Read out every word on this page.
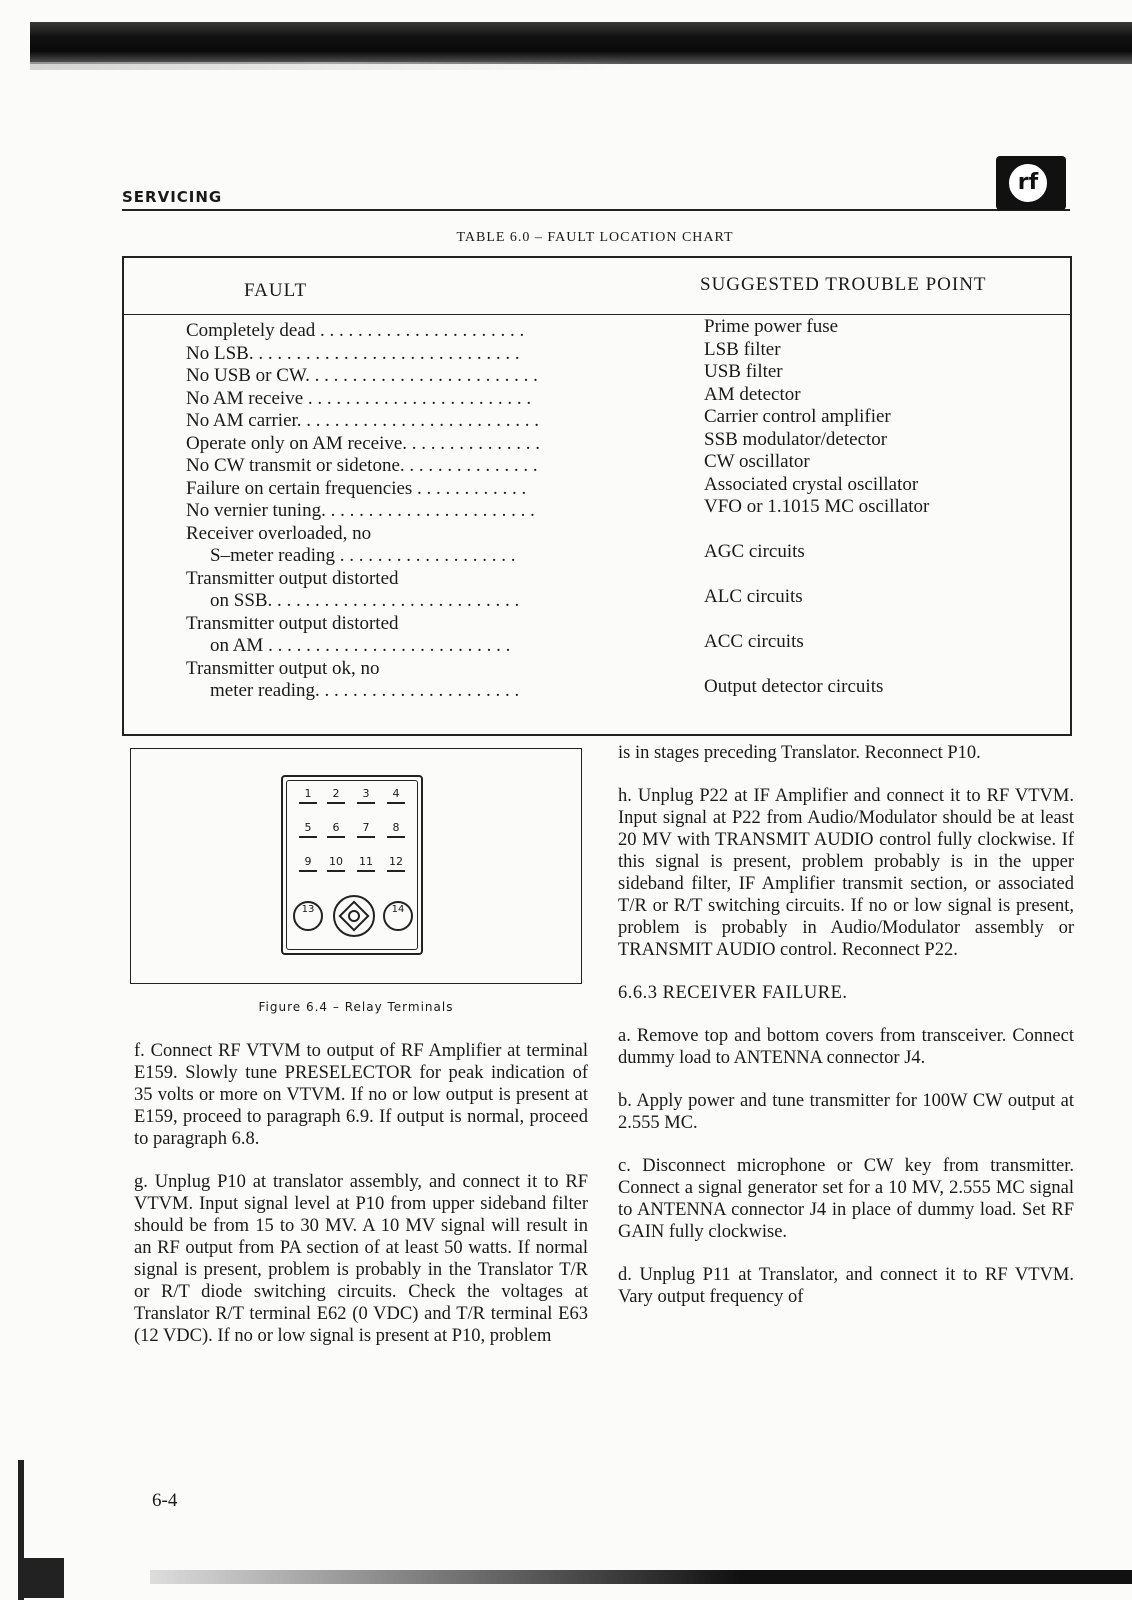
SERVICING
rf
TABLE 6.0 – FAULT LOCATION CHART
FAULT	SUGGESTED TROUBLE POINT
Completely dead . . . . . . . . . . . . . . . . . . . . . .	Prime power fuse
No LSB. . . . . . . . . . . . . . . . . . . . . . . . . . . . .	LSB filter
No USB or CW. . . . . . . . . . . . . . . . . . . . . . . . .	USB filter
No AM receive . . . . . . . . . . . . . . . . . . . . . . . .	AM detector
No AM carrier. . . . . . . . . . . . . . . . . . . . . . . . . .	Carrier control amplifier
Operate only on AM receive. . . . . . . . . . . . . . .	SSB modulator/detector
No CW transmit or sidetone. . . . . . . . . . . . . . .	CW oscillator
Failure on certain frequencies . . . . . . . . . . . .	Associated crystal oscillator
No vernier tuning. . . . . . . . . . . . . . . . . . . . . . .	VFO or 1.1015 MC oscillator
Receiver overloaded, no
S–meter reading . . . . . . . . . . . . . . . . . . .	AGC circuits
Transmitter output distorted
on SSB. . . . . . . . . . . . . . . . . . . . . . . . . . .	ALC circuits
Transmitter output distorted
on AM . . . . . . . . . . . . . . . . . . . . . . . . . .	ACC circuits
Transmitter output ok, no
meter reading. . . . . . . . . . . . . . . . . . . . . .	Output detector circuits
1	2	3	4
5	6	7	8
9	10	11	12
13	14
Figure 6.4 – Relay Terminals

f. Connect RF VTVM to output of RF Amplifier at terminal E159. Slowly tune PRESELECTOR for peak indication of 35 volts or more on VTVM. If no or low output is present at E159, proceed to paragraph 6.9. If output is normal, proceed to paragraph 6.8.

g. Unplug P10 at translator assembly, and connect it to RF VTVM. Input signal level at P10 from upper sideband filter should be from 15 to 30 MV. A 10 MV signal will result in an RF output from PA section of at least 50 watts. If normal signal is present, problem is probably in the Translator T/R or R/T diode switching circuits. Check the voltages at Translator R/T terminal E62 (0 VDC) and T/R terminal E63 (12 VDC). If no or low signal is present at P10, problem

is in stages preceding Translator. Reconnect P10.

h. Unplug P22 at IF Amplifier and connect it to RF VTVM. Input signal at P22 from Audio/Modulator should be at least 20 MV with TRANSMIT AUDIO control fully clockwise. If this signal is present, problem probably is in the upper sideband filter, IF Amplifier transmit section, or associated T/R or R/T switching circuits. If no or low signal is present, problem is probably in Audio/Modulator assembly or TRANSMIT AUDIO control. Reconnect P22.

6.6.3 RECEIVER FAILURE.

a. Remove top and bottom covers from transceiver. Connect dummy load to ANTENNA connector J4.

b. Apply power and tune transmitter for 100W CW output at 2.555 MC.

c. Disconnect microphone or CW key from transmitter. Connect a signal generator set for a 10 MV, 2.555 MC signal to ANTENNA connector J4 in place of dummy load. Set RF GAIN fully clockwise.

d. Unplug P11 at Translator, and connect it to RF VTVM. Vary output frequency of

6-4
